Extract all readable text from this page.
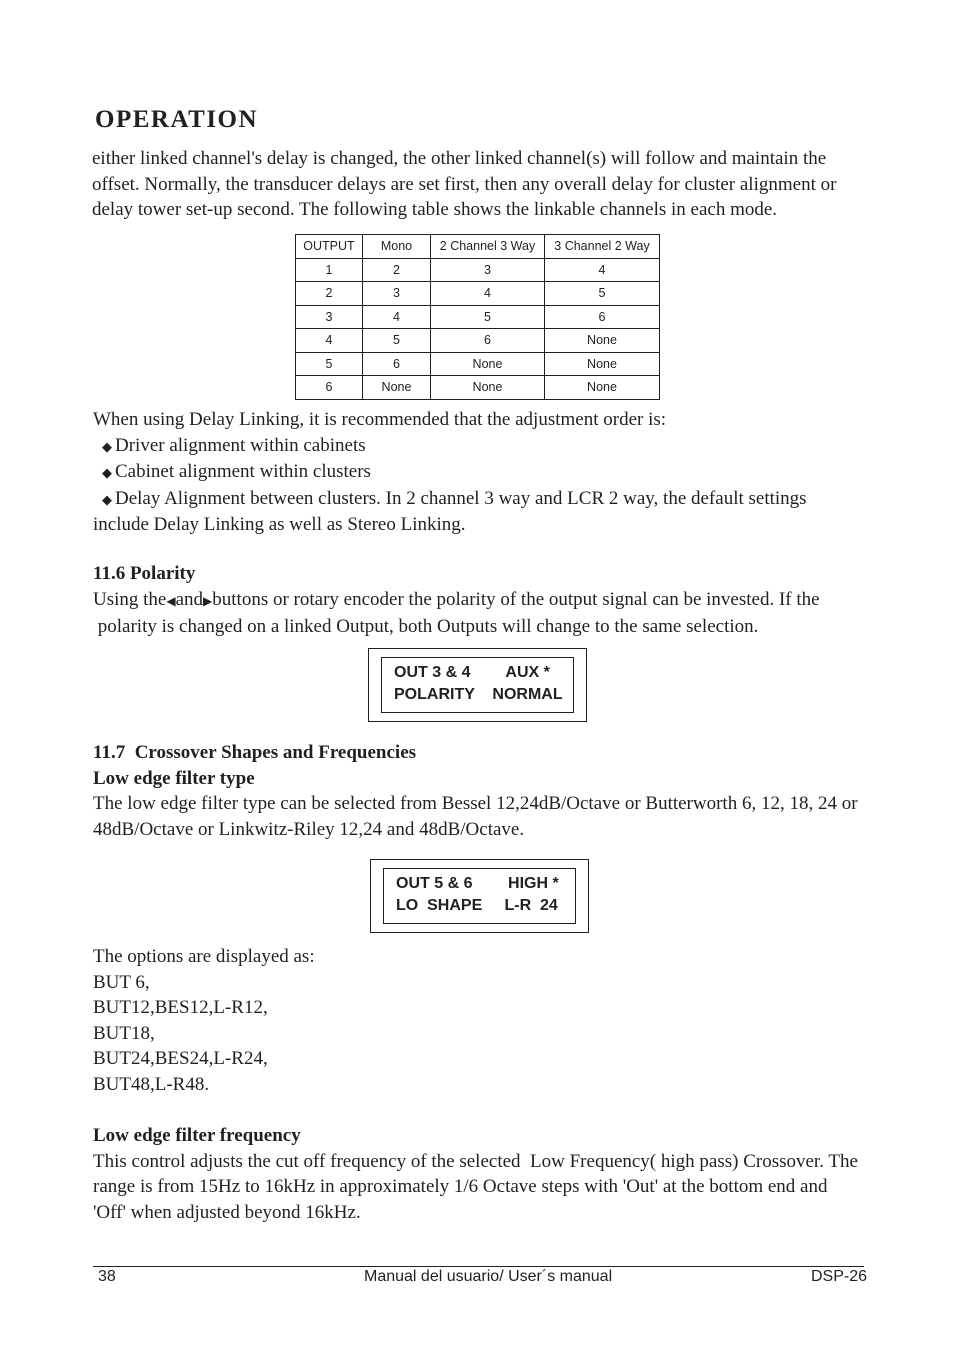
OPERATION
either linked channel's delay is changed, the other linked channel(s) will follow and maintain the
offset. Normally, the transducer delays are set first, then any overall delay for cluster alignment or
delay tower set-up second. The following table shows the linkable channels in each mode.
OUTPUT	Mono	2 Channel 3 Way	3 Channel 2 Way
1	2	3	4
2	3	4	5
3	4	5	6
4	5	6	None
5	6	None	None
6	None	None	None
When using Delay Linking, it is recommended that the adjustment order is:
◆ Driver alignment within cabinets
◆ Cabinet alignment within clusters
◆ Delay Alignment between clusters. In 2 channel 3 way and LCR 2 way, the default settings
include Delay Linking as well as Stereo Linking.
11.6 Polarity
Using the◀and▶buttons or rotary encoder the polarity of the output signal can be invested. If the
polarity is changed on a linked Output, both Outputs will change to the same selection.
OUT 3 & 4        AUX *
POLARITY    NORMAL
11.7  Crossover Shapes and Frequencies
Low edge filter type
The low edge filter type can be selected from Bessel 12,24dB/Octave or Butterworth 6, 12, 18, 24 or
48dB/Octave or Linkwitz-Riley 12,24 and 48dB/Octave.
OUT 5 & 6        HIGH *
LO  SHAPE     L-R  24
The options are displayed as:
BUT 6,
BUT12,BES12,L-R12,
BUT18,
BUT24,BES24,L-R24,
BUT48,L-R48.
Low edge filter frequency
This control adjusts the cut off frequency of the selected  Low Frequency( high pass) Crossover. The
range is from 15Hz to 16kHz in approximately 1/6 Octave steps with 'Out' at the bottom end and
'Off' when adjusted beyond 16kHz.
38	Manual del usuario/ User´s manual	DSP-26
